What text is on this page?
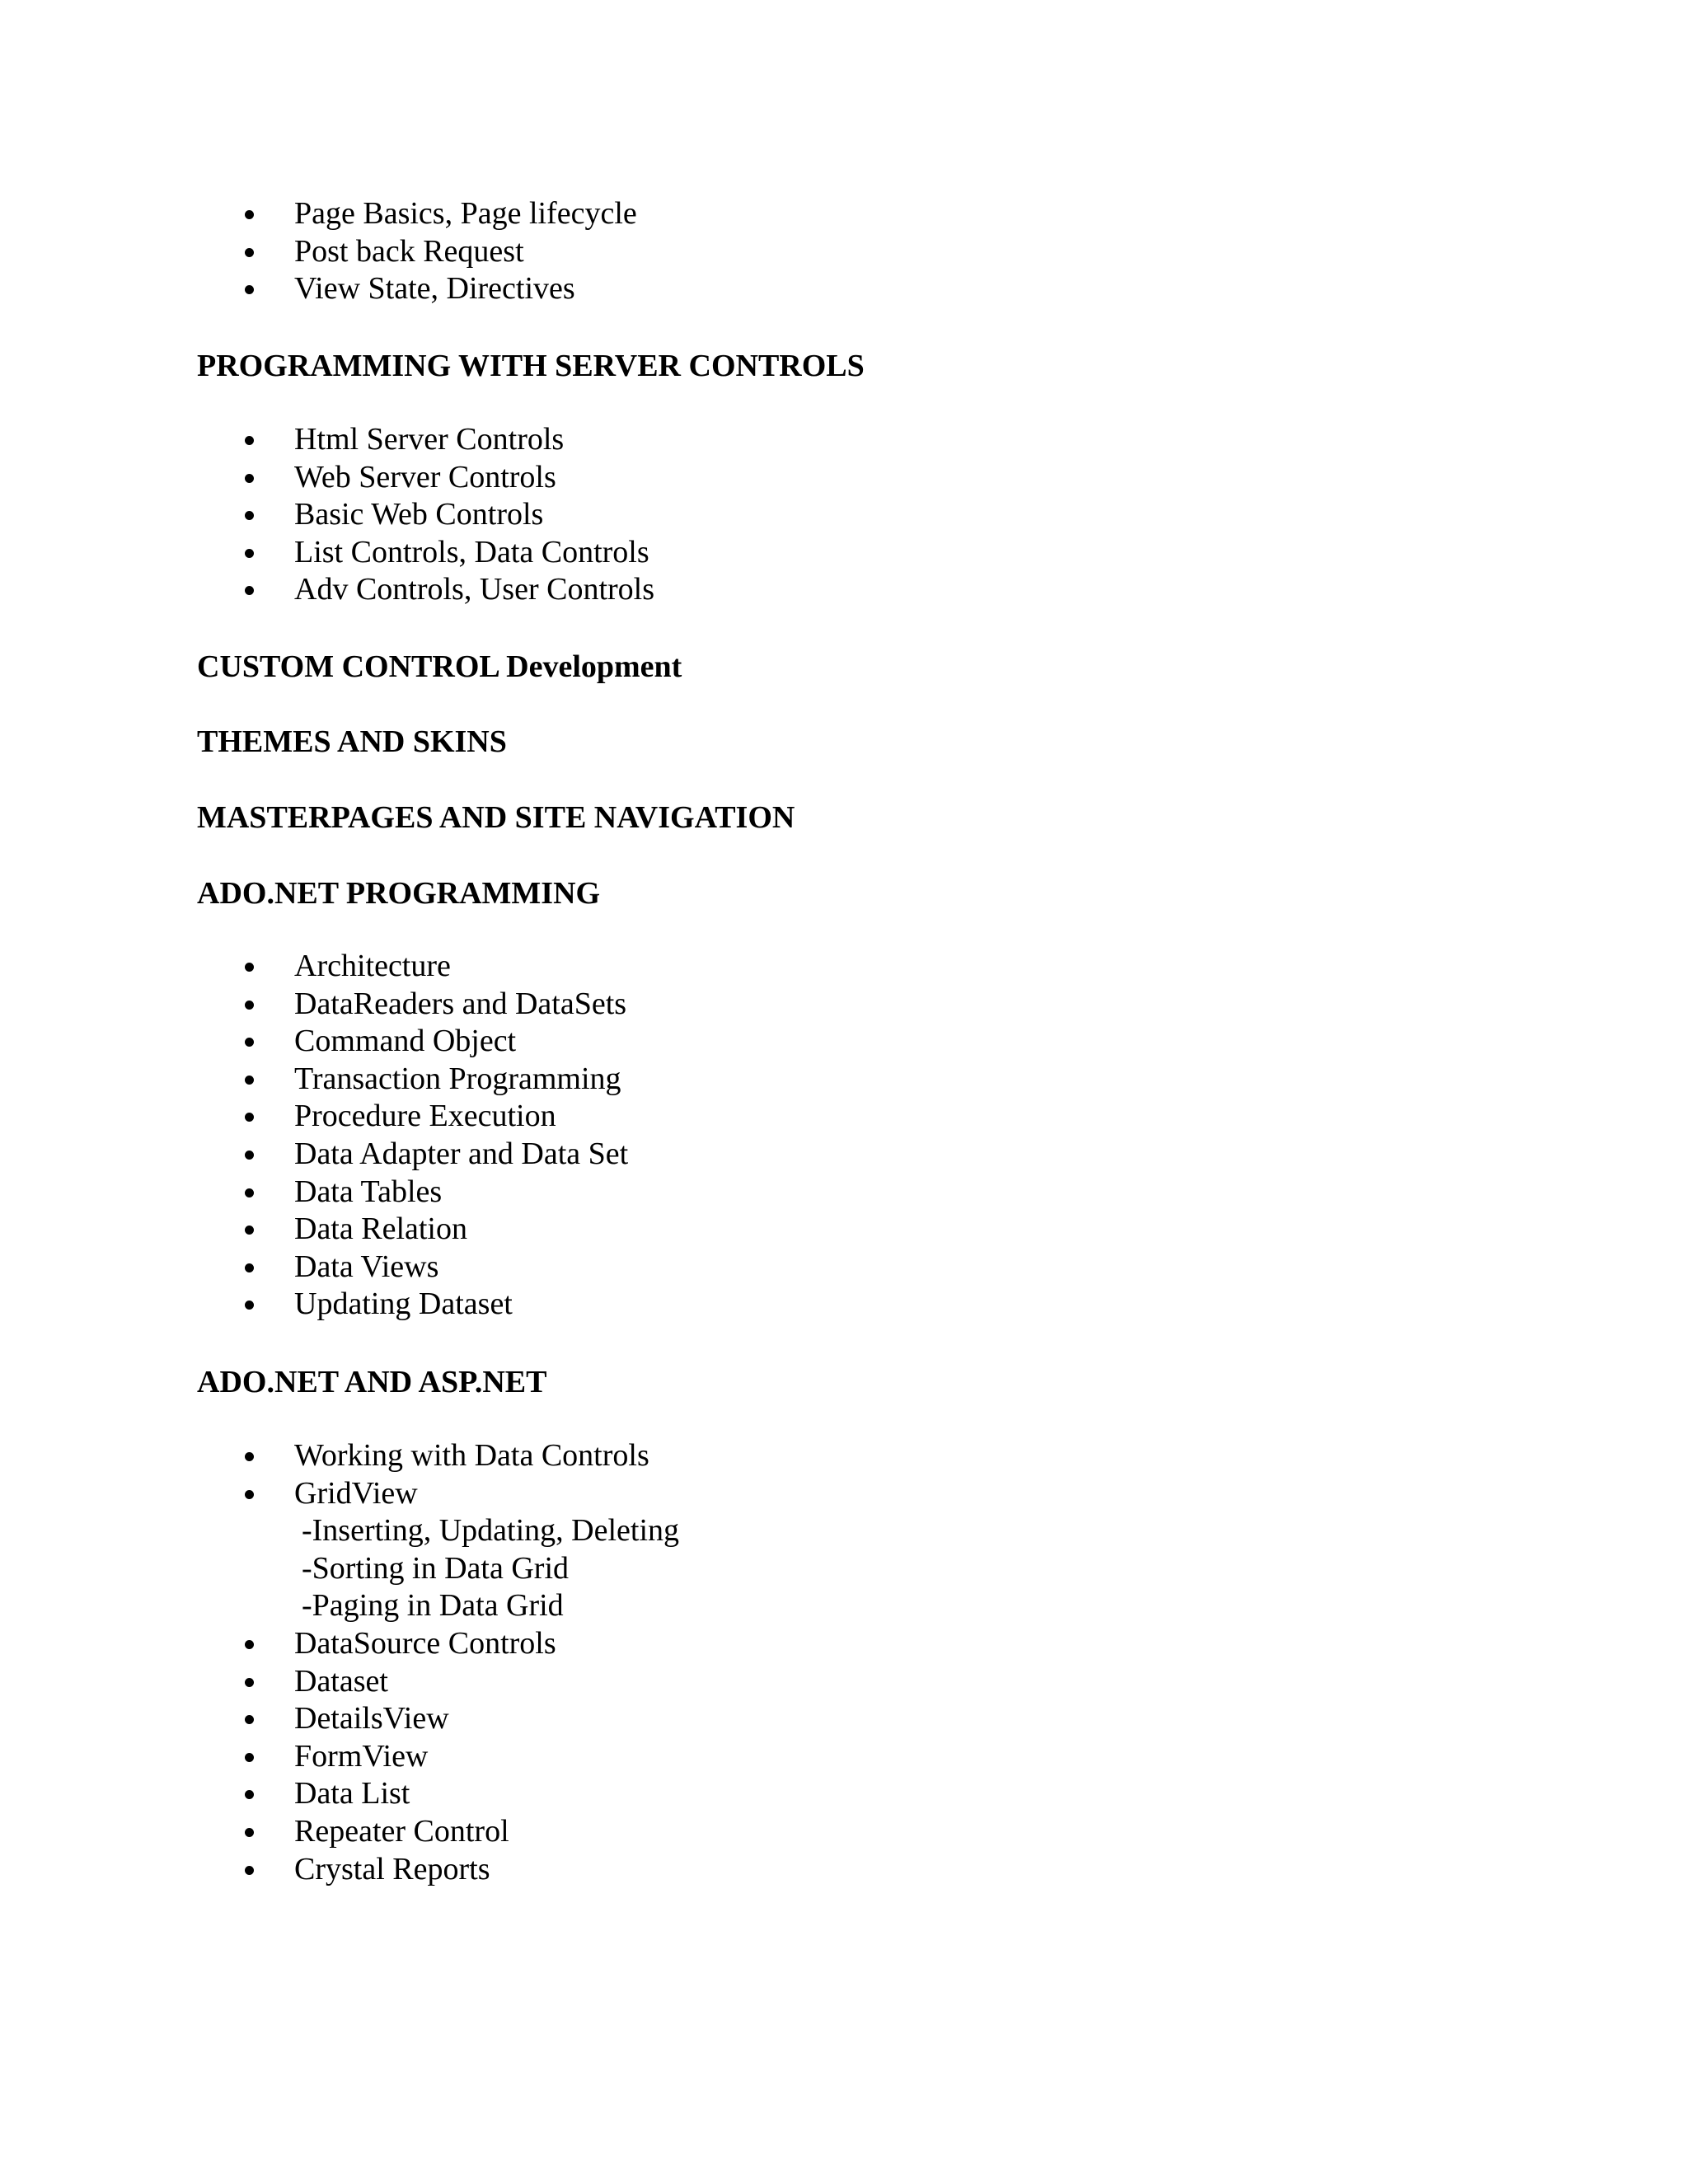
Page Basics, Page lifecycle
Post back Request
View State, Directives
PROGRAMMING WITH SERVER CONTROLS
Html Server Controls
Web Server Controls
Basic Web Controls
List Controls, Data Controls
Adv Controls, User Controls
CUSTOM CONTROL Development
THEMES AND SKINS
MASTERPAGES AND SITE NAVIGATION
ADO.NET PROGRAMMING
Architecture
DataReaders and DataSets
Command Object
Transaction Programming
Procedure Execution
Data Adapter and Data Set
Data Tables
Data Relation
Data Views
Updating Dataset
ADO.NET AND ASP.NET
Working with Data Controls
GridView
-Inserting, Updating, Deleting
-Sorting in Data Grid
-Paging in Data Grid
DataSource Controls
Dataset
DetailsView
FormView
Data List
Repeater Control
Crystal Reports
